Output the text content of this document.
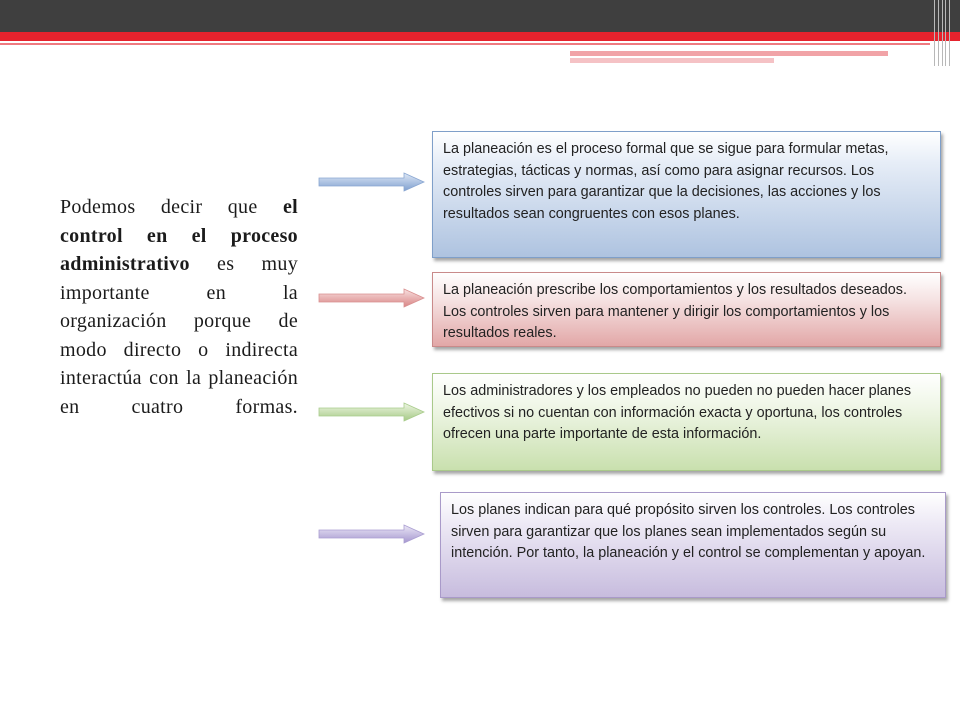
Podemos decir que el control en el proceso administrativo es muy importante en la organización porque de modo directo o indirecta interactúa con la planeación en cuatro formas.

La planeación es el proceso formal que se sigue para formular metas, estrategias, tácticas y normas, así como para asignar recursos. Los controles sirven para garantizar que la decisiones, las acciones y los resultados sean congruentes con esos planes.
La planeación prescribe los comportamientos y los resultados deseados. Los controles sirven para mantener y dirigir los comportamientos y los resultados reales.
Los administradores y los empleados no pueden no pueden hacer planes efectivos si no cuentan con información exacta y oportuna, los controles ofrecen una parte importante de esta información.
Los planes indican para qué propósito sirven los controles. Los controles sirven para garantizar que los planes sean implementados según su intención. Por tanto, la planeación y el control se complementan y apoyan.
